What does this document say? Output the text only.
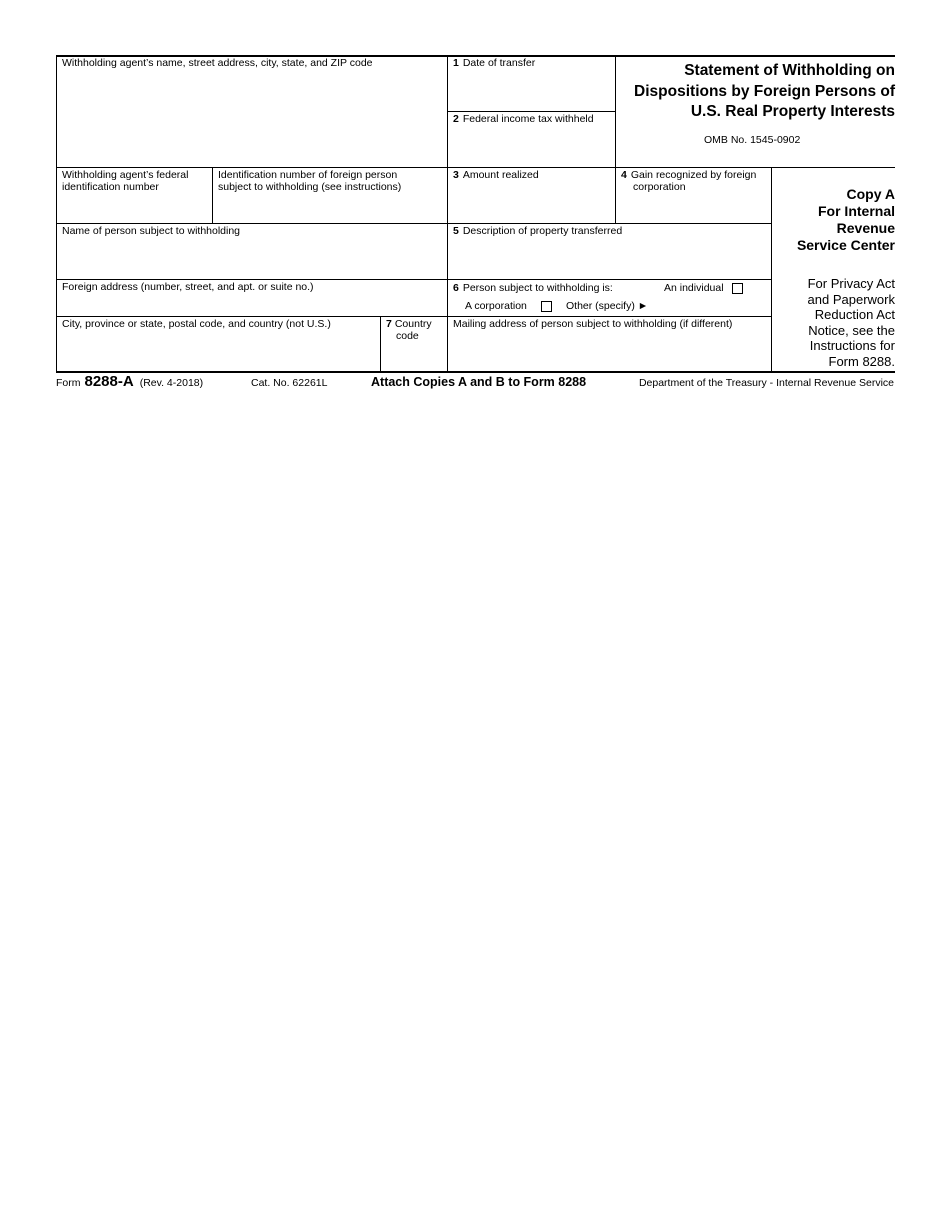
Withholding agent’s name, street address, city, state, and ZIP code	1 Date of transfer
2 Federal income tax withheld
Withholding agent’s federal
identification number
Identification number of foreign person
subject to withholding (see instructions)
3 Amount realized	4 Gain recognized by foreign
corporation
Name of person subject to withholding	5 Description of property transferred
Foreign address (number, street, and apt. or suite no.)	6 Person subject to withholding is:	An individual
A corporation	Other (specify) ►
City, province or state, postal code, and country (not U.S.)	7 Country
code
Mailing address of person subject to withholding (if different)
Statement of Withholding on Dispositions by Foreign Persons of U.S. Real Property Interests
OMB No. 1545-0902
Copy A
For Internal
Revenue
Service Center
For Privacy Act
and Paperwork
Reduction Act
Notice, see the
Instructions for
Form 8288.
Form 8288-A (Rev. 4-2018)	Cat. No. 62261L	Attach Copies A and B to Form 8288	Department of the Treasury - Internal Revenue Service
